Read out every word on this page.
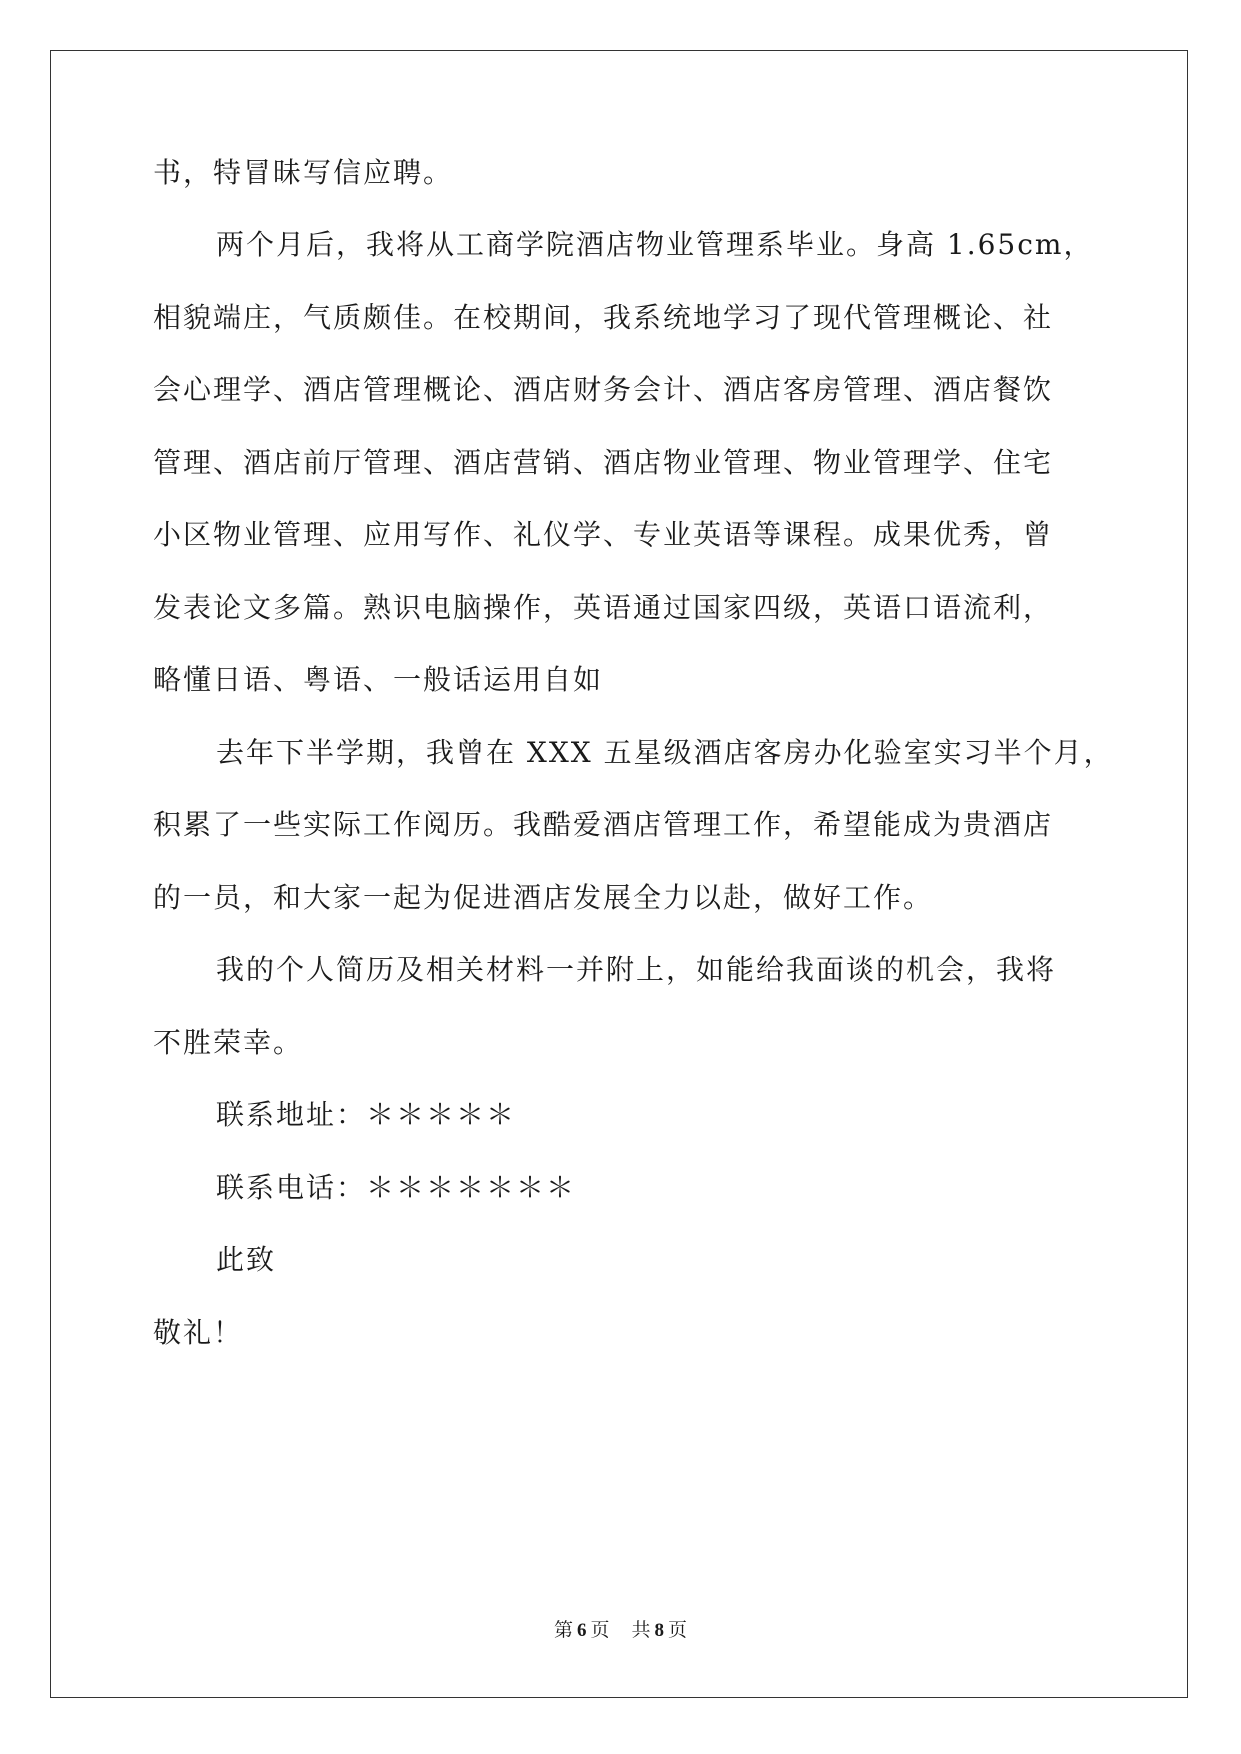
书，特冒昧写信应聘。
两个月后，我将从工商学院酒店物业管理系毕业。身高 1.65cm，
相貌端庄，气质颇佳。在校期间，我系统地学习了现代管理概论、社
会心理学、酒店管理概论、酒店财务会计、酒店客房管理、酒店餐饮
管理、酒店前厅管理、酒店营销、酒店物业管理、物业管理学、住宅
小区物业管理、应用写作、礼仪学、专业英语等课程。成果优秀，曾
发表论文多篇。熟识电脑操作，英语通过国家四级，英语口语流利，
略懂日语、粤语、一般话运用自如
去年下半学期，我曾在 XXX 五星级酒店客房办化验室实习半个月，
积累了一些实际工作阅历。我酷爱酒店管理工作，希望能成为贵酒店
的一员，和大家一起为促进酒店发展全力以赴，做好工作。
我的个人简历及相关材料一并附上，如能给我面谈的机会，我将
不胜荣幸。
联系地址：＊＊＊＊＊
联系电话：＊＊＊＊＊＊＊
此致
敬礼！
第 6 页 共 8 页
